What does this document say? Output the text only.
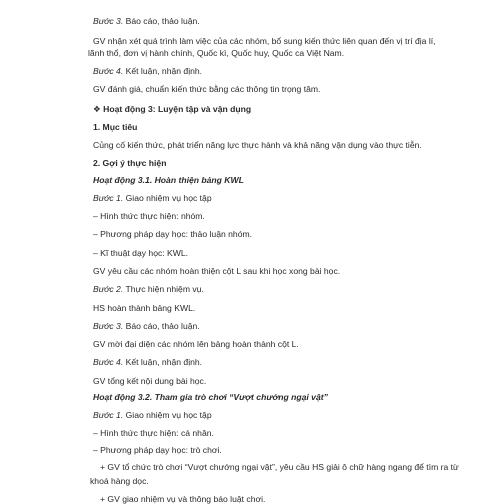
Bước 3. Báo cáo, thảo luận.
GV nhận xét quá trình làm việc của các nhóm, bổ sung kiến thức liên quan đến vị trí địa lí,
lãnh thổ, đơn vị hành chính, Quốc kì, Quốc huy, Quốc ca Việt Nam.
Bước 4. Kết luận, nhận định.
GV đánh giá, chuẩn kiến thức bằng các thông tin trọng tâm.
❖ Hoạt động 3: Luyện tập và vận dụng
1. Mục tiêu
Củng cố kiến thức, phát triển năng lực thực hành và khả năng vận dụng vào thực tiễn.
2. Gợi ý thực hiện
Hoạt động 3.1. Hoàn thiện bảng KWL
Bước 1. Giao nhiệm vụ học tập
– Hình thức thực hiện: nhóm.
– Phương pháp dạy học: thảo luận nhóm.
– Kĩ thuật dạy học: KWL.
GV yêu cầu các nhóm hoàn thiện cột L sau khi học xong bài học.
Bước 2. Thực hiện nhiệm vụ.
HS hoàn thành bảng KWL.
Bước 3. Báo cáo, thảo luận.
GV mời đại diện các nhóm lên bảng hoàn thành cột L.
Bước 4. Kết luận, nhận định.
GV tổng kết nội dung bài học.
Hoạt động 3.2. Tham gia trò chơi “Vượt chướng ngại vật”
Bước 1. Giao nhiệm vụ học tập
– Hình thức thực hiện: cá nhân.
– Phương pháp dạy học: trò chơi.
+ GV tổ chức trò chơi “Vượt chướng ngại vật”, yêu cầu HS giải ô chữ hàng ngang để tìm ra từ
khoá hàng dọc.
+ GV giao nhiệm vụ và thông báo luật chơi.
